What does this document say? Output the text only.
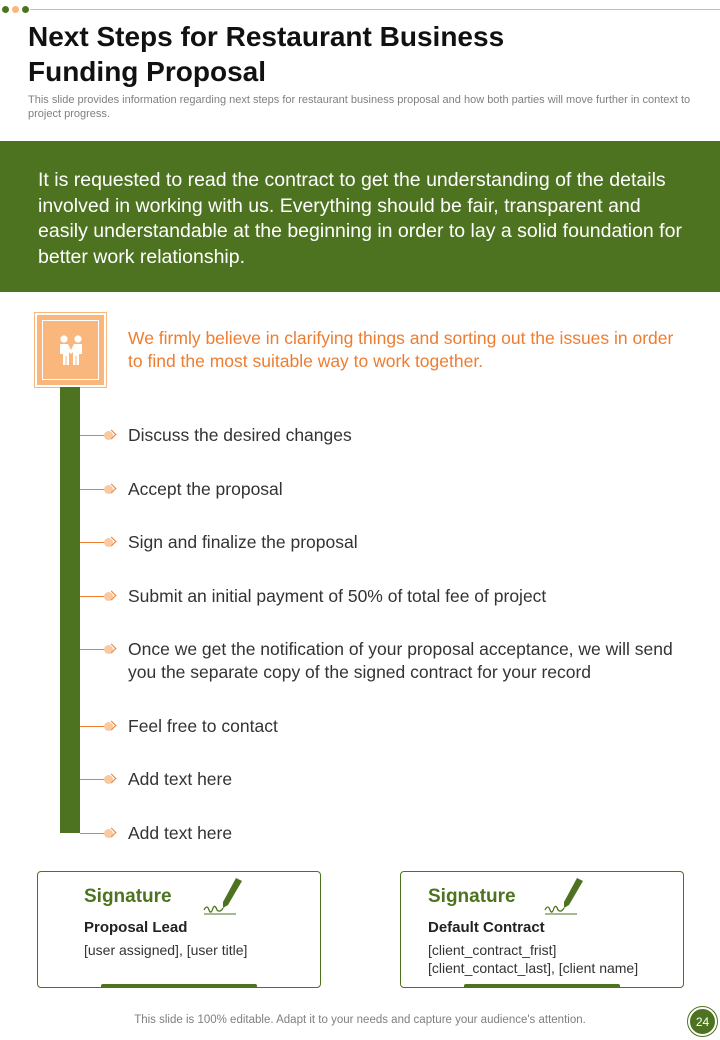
Next Steps for Restaurant Business Funding Proposal
This slide provides information regarding next steps for restaurant business proposal and how both parties will move further in context to project progress.
It is requested to read the contract to get the understanding of the details involved in working with us. Everything should be fair, transparent and easily understandable at the beginning in order to lay a solid foundation for better work relationship.
We firmly believe in clarifying things and sorting out the issues in order to find the most suitable way to work together.
Discuss the desired changes
Accept the proposal
Sign and finalize the proposal
Submit an initial payment of 50% of total fee of project
Once we get the notification of your proposal acceptance, we will send you the separate copy of the signed contract for your record
Feel free to contact
Add text here
Add text here
Signature
Proposal Lead
[user assigned], [user title]
Signature
Default Contract
[client_contract_frist]
[client_contact_last], [client name]
This slide is 100% editable. Adapt it to your needs and capture your audience's attention.	24
